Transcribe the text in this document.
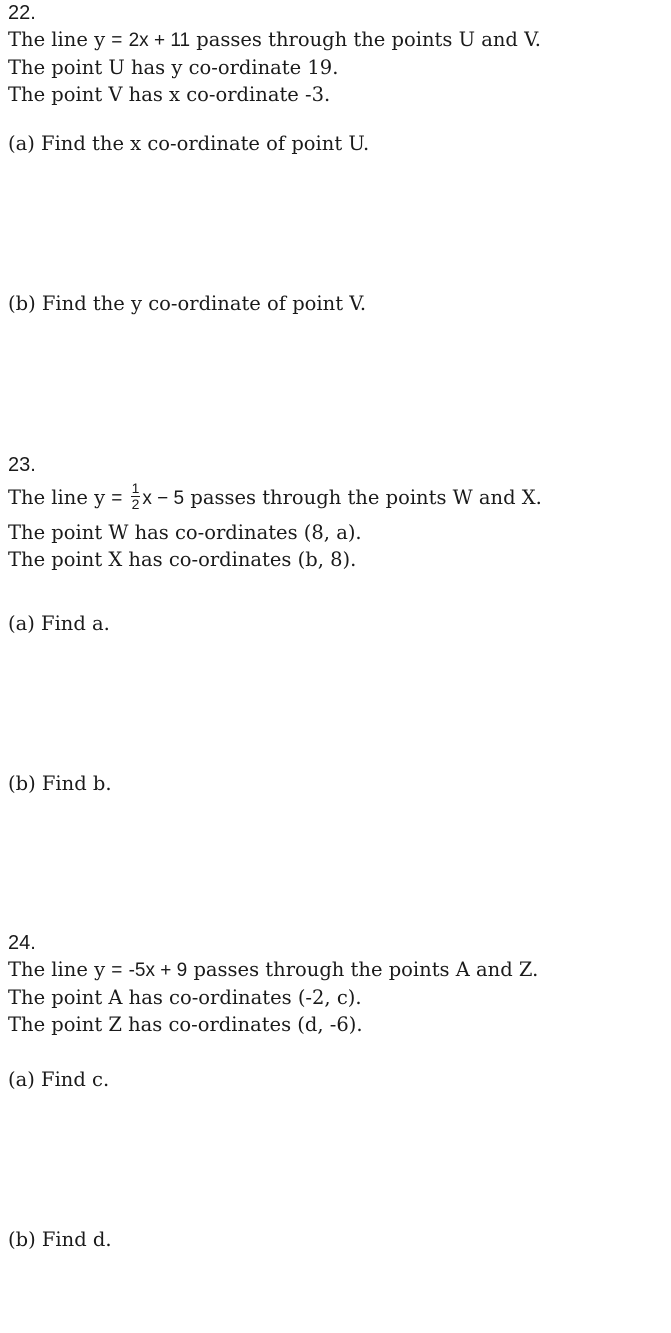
22.

The line y = 2x + 11 passes through the points U and V.

The point U has y co-ordinate 19.

The point V has x co-ordinate -3.

(a) Find the x co-ordinate of point U.

(b) Find the y co-ordinate of point V.

23.

The line $y = \frac{1}{2}$ x − 5 passes through the points W and X.

The point W has co-ordinates (8, a).

The point X has co-ordinates (b, 8).

(a) Find a.

(b) Find b.

24.

The line y = -5x + 9 passes through the points A and Z.

The point A has co-ordinates (-2, c).

The point Z has co-ordinates (d, -6).

(a) Find c.

(b) Find d.
